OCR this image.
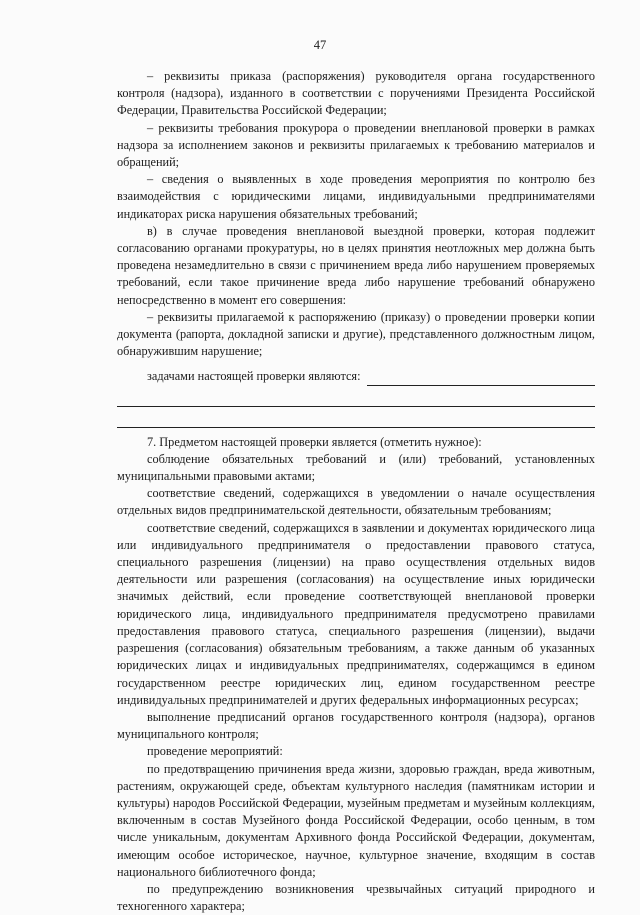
47

– реквизиты приказа (распоряжения) руководителя органа государственного контроля (надзора), изданного в соответствии с поручениями Президента Российской Федерации, Правительства Российской Федерации;

– реквизиты требования прокурора о проведении внеплановой проверки в рамках надзора за исполнением законов и реквизиты прилагаемых к требованию материалов и обращений;

– сведения о выявленных в ходе проведения мероприятия по контролю без взаимодействия с юридическими лицами, индивидуальными предпринимателями индикаторах риска нарушения обязательных требований;

в) в случае проведения внеплановой выездной проверки, которая подлежит согласованию органами прокуратуры, но в целях принятия неотложных мер должна быть проведена незамедлительно в связи с причинением вреда либо нарушением проверяемых требований, если такое причинение вреда либо нарушение требований обнаружено непосредственно в момент его совершения:

– реквизиты прилагаемой к распоряжению (приказу) о проведении проверки копии документа (рапорта, докладной записки и другие), представленного должностным лицом, обнаружившим нарушение;

задачами настоящей проверки являются:

7. Предметом настоящей проверки является (отметить нужное):

соблюдение обязательных требований и (или) требований, установленных муниципальными правовыми актами;

соответствие сведений, содержащихся в уведомлении о начале осуществления отдельных видов предпринимательской деятельности, обязательным требованиям;

соответствие сведений, содержащихся в заявлении и документах юридического лица или индивидуального предпринимателя о предоставлении правового статуса, специального разрешения (лицензии) на право осуществления отдельных видов деятельности или разрешения (согласования) на осуществление иных юридически значимых действий, если проведение соответствующей внеплановой проверки юридического лица, индивидуального предпринимателя предусмотрено правилами предоставления правового статуса, специального разрешения (лицензии), выдачи разрешения (согласования) обязательным требованиям, а также данным об указанных юридических лицах и индивидуальных предпринимателях, содержащимся в едином государственном реестре юридических лиц, едином государственном реестре индивидуальных предпринимателей и других федеральных информационных ресурсах;

выполнение предписаний органов государственного контроля (надзора), органов муниципального контроля;

проведение мероприятий:

по предотвращению причинения вреда жизни, здоровью граждан, вреда животным, растениям, окружающей среде, объектам культурного наследия (памятникам истории и культуры) народов Российской Федерации, музейным предметам и музейным коллекциям, включенным в состав Музейного фонда Российской Федерации, особо ценным, в том числе уникальным, документам Архивного фонда Российской Федерации, документам, имеющим особое историческое, научное, культурное значение, входящим в состав национального библиотечного фонда;

по предупреждению возникновения чрезвычайных ситуаций природного и техногенного характера;
